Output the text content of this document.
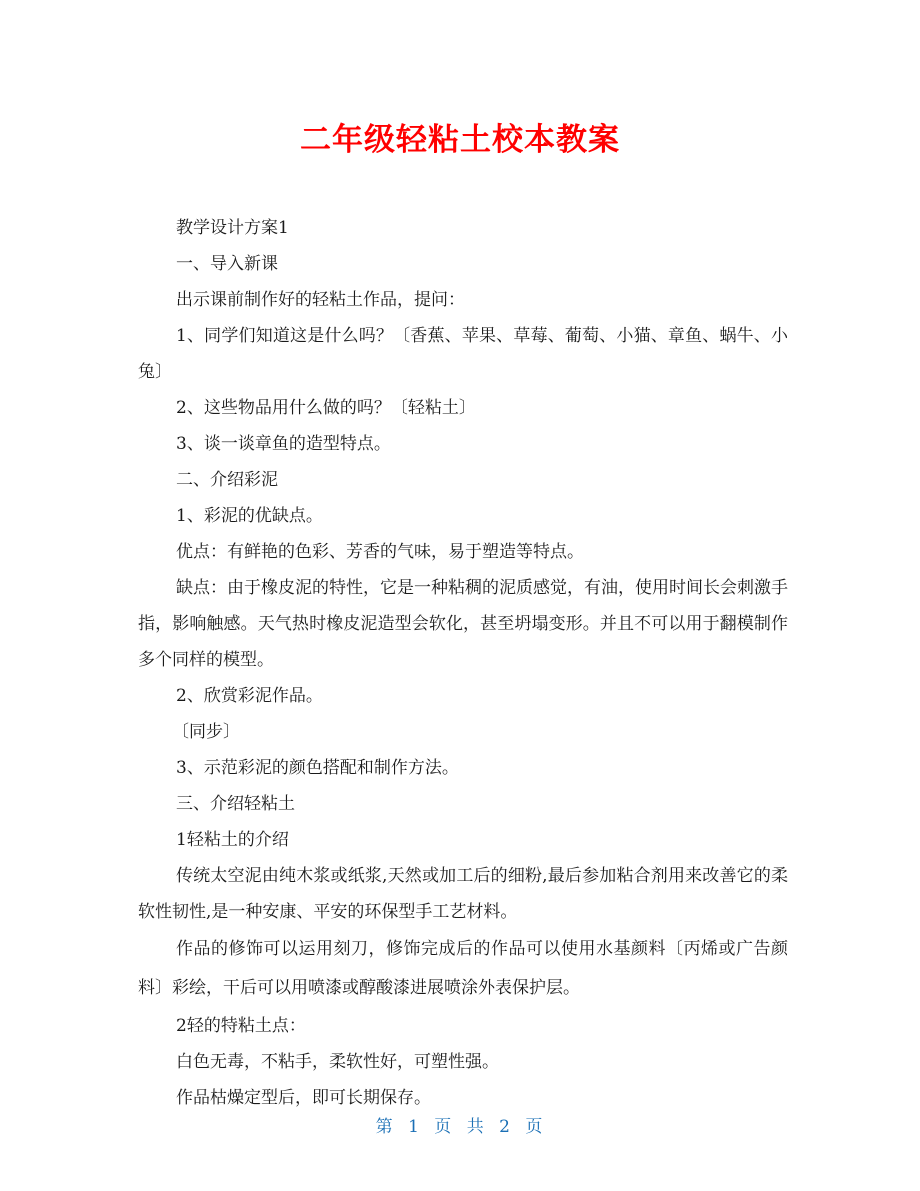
二年级轻粘土校本教案

教学设计方案1

一、导入新课

出示课前制作好的轻粘土作品，提问：

1、同学们知道这是什么吗？〔香蕉、苹果、草莓、葡萄、小猫、章鱼、蜗牛、小兔〕

2、这些物品用什么做的吗？〔轻粘土〕

3、谈一谈章鱼的造型特点。

二、介绍彩泥

1、彩泥的优缺点。

优点：有鲜艳的色彩、芳香的气味，易于塑造等特点。

缺点：由于橡皮泥的特性，它是一种粘稠的泥质感觉，有油，使用时间长会刺激手指，影响触感。天气热时橡皮泥造型会软化，甚至坍塌变形。并且不可以用于翻模制作多个同样的模型。

2、欣赏彩泥作品。

〔同步〕

3、示范彩泥的颜色搭配和制作方法。

三、介绍轻粘土

1轻粘土的介绍

传统太空泥由纯木浆或纸浆,天然或加工后的细粉,最后参加粘合剂用来改善它的柔软性韧性,是一种安康、平安的环保型手工艺材料。

作品的修饰可以运用刻刀，修饰完成后的作品可以使用水基颜料〔丙烯或广告颜料〕彩绘，干后可以用喷漆或醇酸漆进展喷涂外表保护层。

2轻的特粘土点：

白色无毒，不粘手，柔软性好，可塑性强。

作品枯燥定型后，即可长期保存。

第 1 页 共 2 页
